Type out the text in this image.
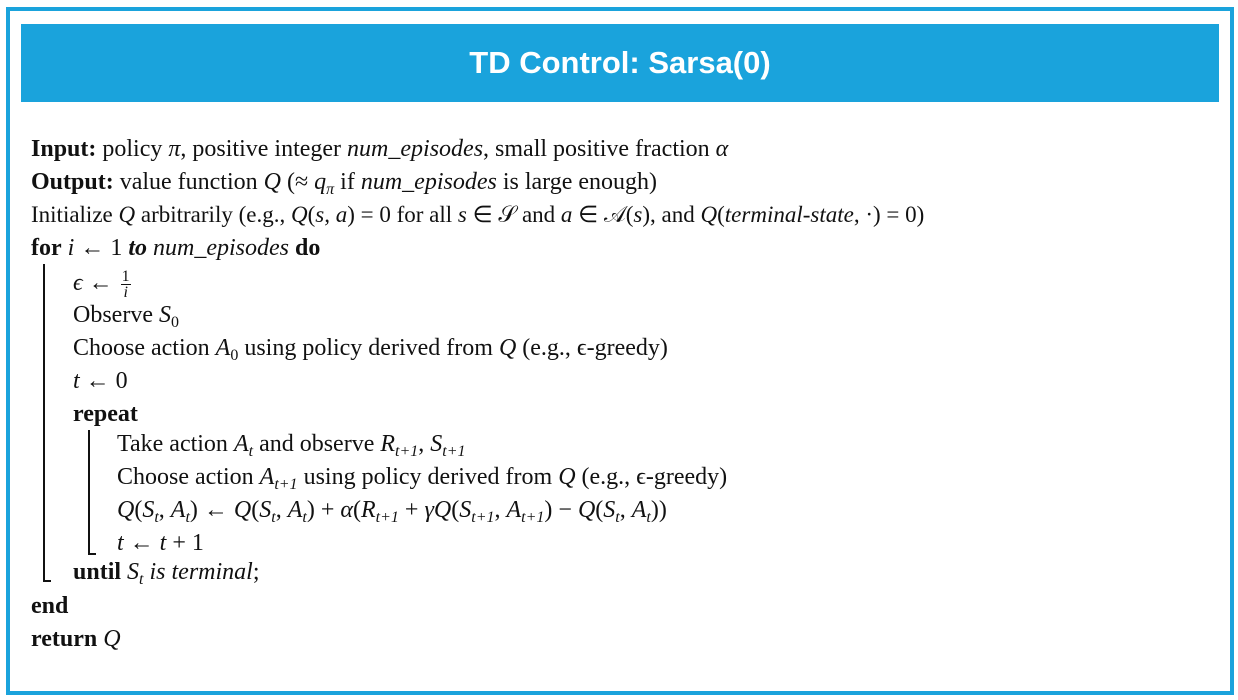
TD Control: Sarsa(0)
Input: policy π, positive integer num_episodes, small positive fraction α
Output: value function Q (≈ $q_\pi$ if num_episodes is large enough)
Initialize Q arbitrarily (e.g., Q(s, a) = 0 for all s ∈ 𝒮 and a ∈ 𝒜(s), and Q(terminal-state, ·) = 0)
for i ← 1 to num_episodes do
ϵ ← $\frac{1}{i}$
Observe $S_0$
Choose action $A_0$ using policy derived from Q (e.g., ϵ-greedy)
t ← 0
repeat
Take action $A_t$ and observe $R_{t+1}$, $S_{t+1}$
Choose action $A_{t+1}$ using policy derived from Q (e.g., ϵ-greedy)
$Q(S_t$, $A_t$) ← $Q(S_t$, $A_t) + \alpha(R_{t+1} + \gamma Q(S_{t+1}$, $A_{t+1}) - Q(S_t$, $A_t$))
t ← t + 1
until $S_t$ is terminal;
end
return Q
